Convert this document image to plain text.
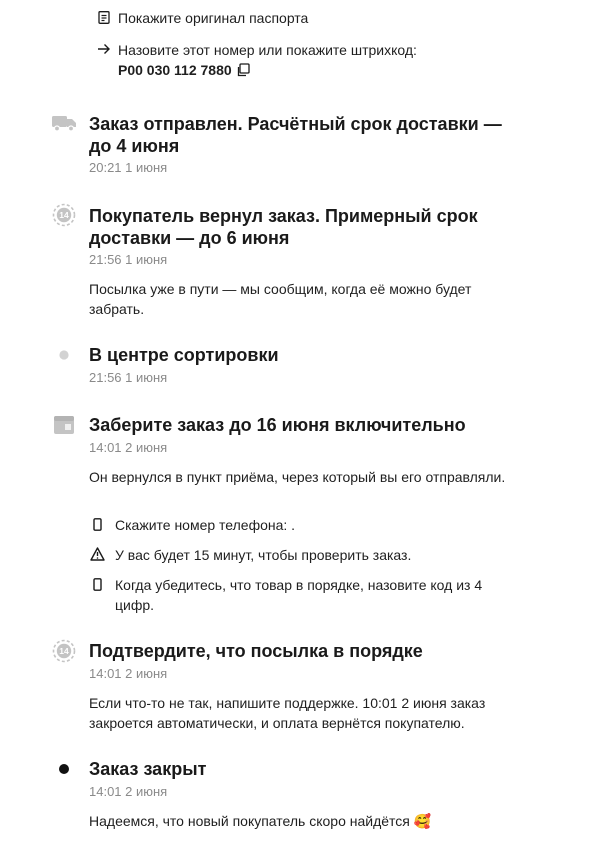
Покажите оригинал паспорта
Назовите этот номер или покажите штрихкод:
P00 030 112 7880
Заказ отправлен. Расчётный срок доставки — до 4 июня
20:21 1 июня
14 Покупатель вернул заказ. Примерный срок доставки — до 6 июня
21:56 1 июня
Посылка уже в пути — мы сообщим, когда её можно будет забрать.
В центре сортировки
21:56 1 июня
Заберите заказ до 16 июня включительно
14:01 2 июня
Он вернулся в пункт приёма, через который вы его отправляли.
Скажите номер телефона: .
У вас будет 15 минут, чтобы проверить заказ.
Когда убедитесь, что товар в порядке, назовите код из 4 цифр.
14 Подтвердите, что посылка в порядке
14:01 2 июня
Если что-то не так, напишите поддержке. 10:01 2 июня заказ закроется автоматически, и оплата вернётся покупателю.
Заказ закрыт
14:01 2 июня
Надеемся, что новый покупатель скоро найдётся 🥰
